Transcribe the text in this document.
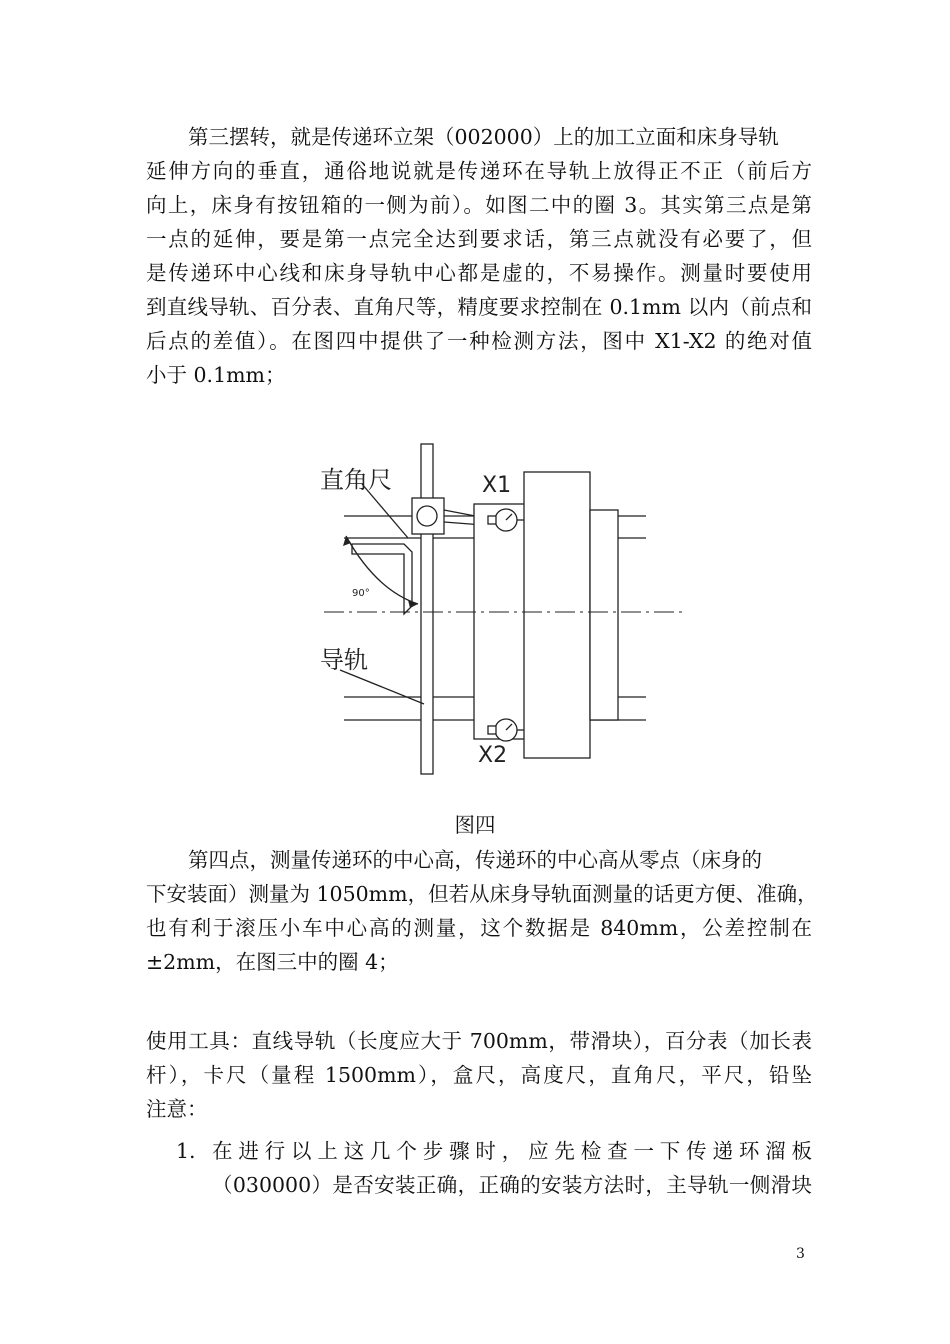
第三摆转，就是传递环立架（002000）上的加工立面和床身导轨
延伸方向的垂直，通俗地说就是传递环在导轨上放得正不正（前后方
向上，床身有按钮箱的一侧为前）。如图二中的圈 3。其实第三点是第
一点的延伸，要是第一点完全达到要求话，第三点就没有必要了，但
是传递环中心线和床身导轨中心都是虚的，不易操作。测量时要使用
到直线导轨、百分表、直角尺等，精度要求控制在 0.1mm 以内（前点和
后点的差值）。在图四中提供了一种检测方法，图中 X1-X2 的绝对值
小于 0.1mm；
直角尺
导轨
X1
X2
90°
图四
第四点，测量传递环的中心高，传递环的中心高从零点（床身的
下安装面）测量为 1050mm，但若从床身导轨面测量的话更方便、准确，
也有利于滚压小车中心高的测量，这个数据是 840mm，公差控制在
±2mm，在图三中的圈 4；
使用工具：直线导轨（长度应大于 700mm，带滑块），百分表（加长表
杆），卡尺（量程 1500mm），盒尺，高度尺，直角尺，平尺，铅坠
注意：
1. 在进行以上这几个步骤时，应先检查一下传递环溜板
（030000）是否安装正确，正确的安装方法时，主导轨一侧滑块
3
